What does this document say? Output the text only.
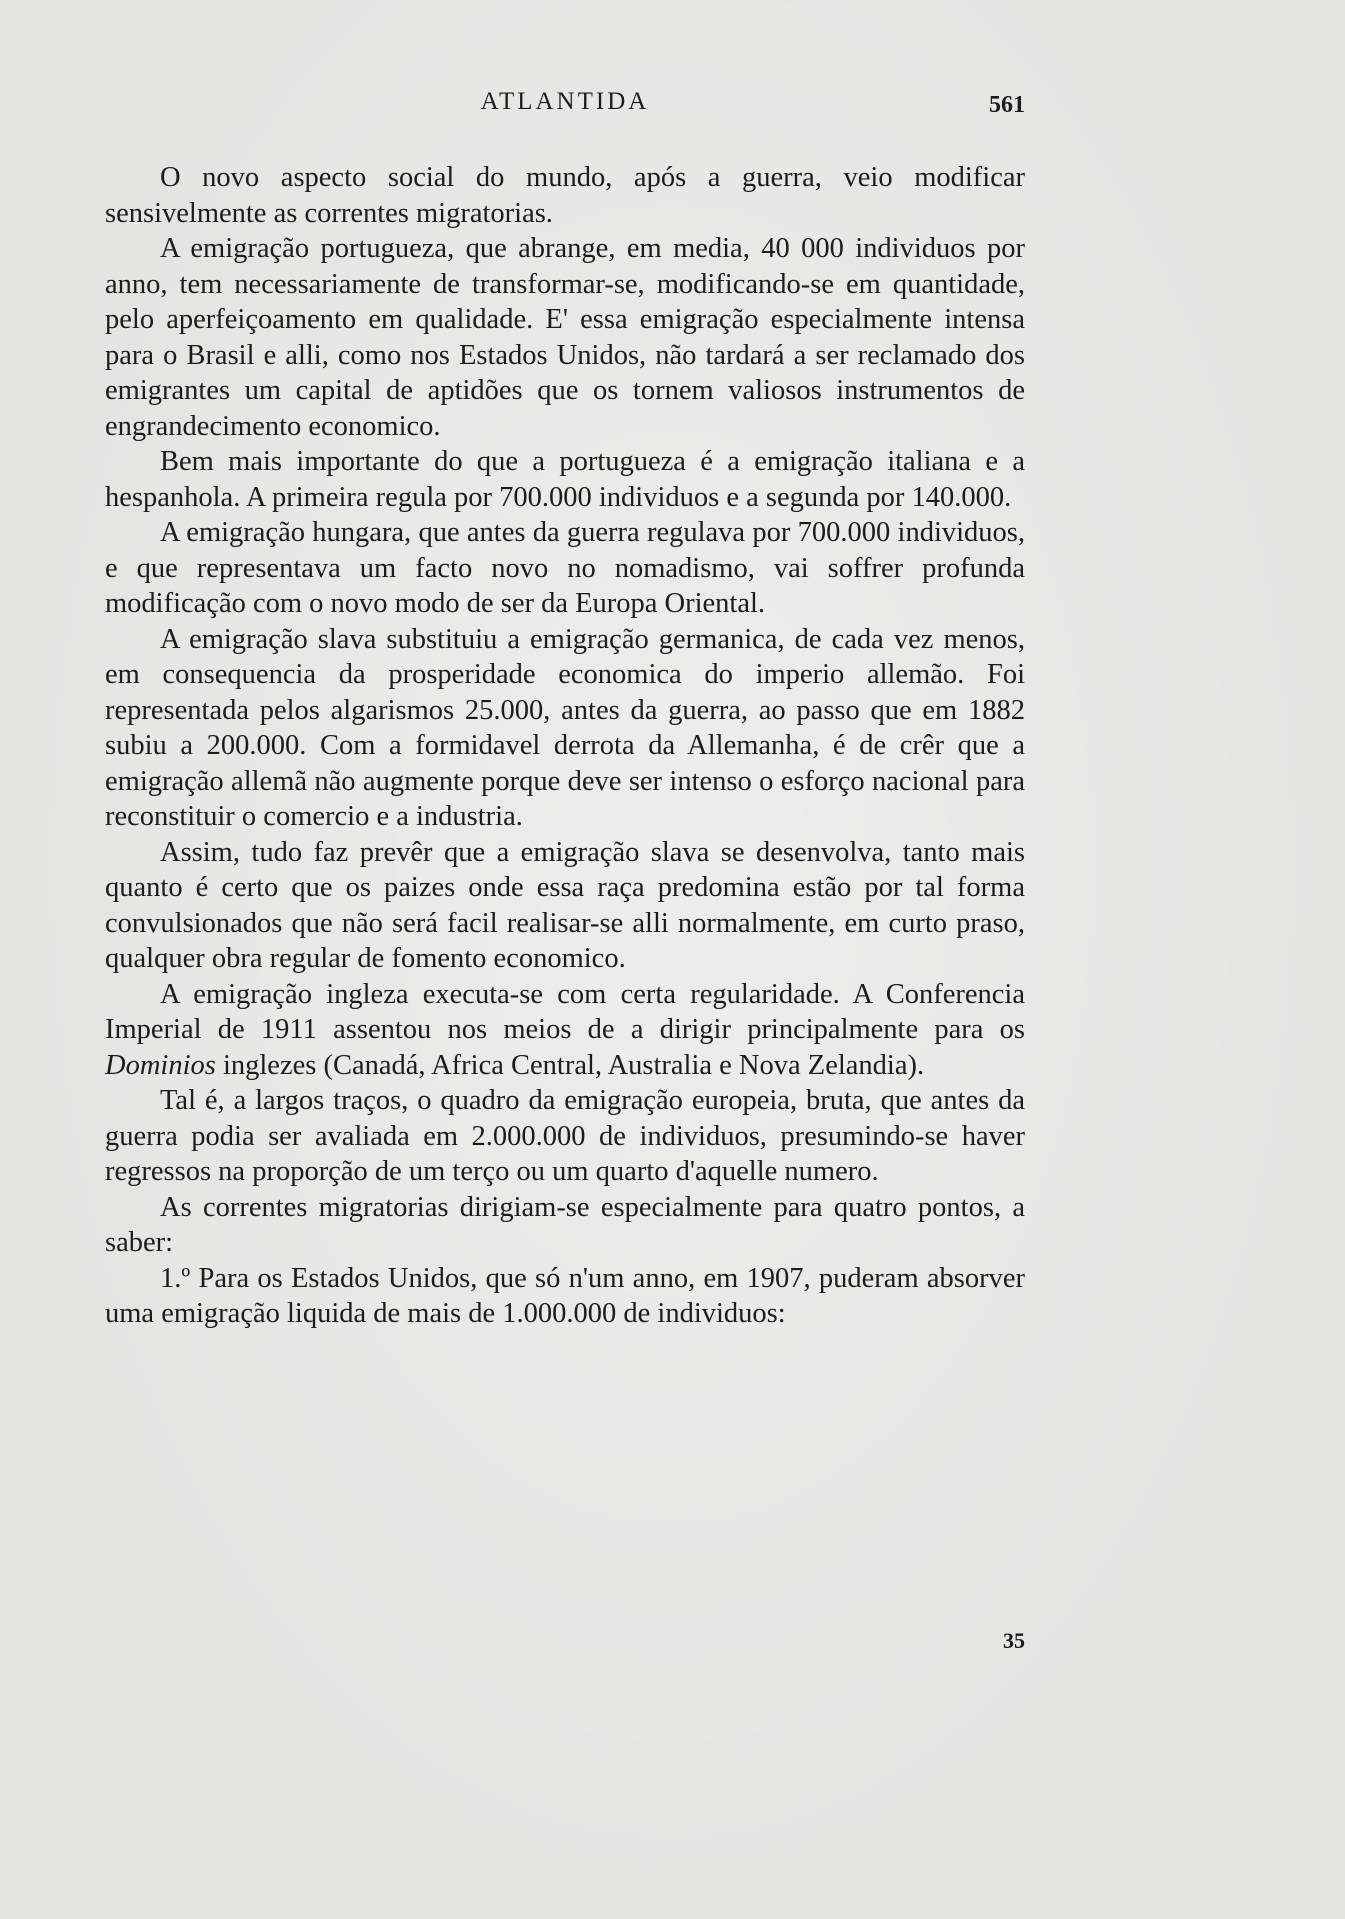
ATLANTIDA	561

O novo aspecto social do mundo, após a guerra, veio modificar sensivelmente as correntes migratorias.

A emigração portugueza, que abrange, em media, 40 000 individuos por anno, tem necessariamente de transformar-se, modificando-se em quantidade, pelo aperfeiçoamento em qualidade. E' essa emigração especialmente intensa para o Brasil e alli, como nos Estados Unidos, não tardará a ser reclamado dos emigrantes um capital de aptidões que os tornem valiosos instrumentos de engrandecimento economico.

Bem mais importante do que a portugueza é a emigração italiana e a hespanhola. A primeira regula por 700.000 individuos e a segunda por 140.000.

A emigração hungara, que antes da guerra regulava por 700.000 individuos, e que representava um facto novo no nomadismo, vai soffrer profunda modificação com o novo modo de ser da Europa Oriental.

A emigração slava substituiu a emigração germanica, de cada vez menos, em consequencia da prosperidade economica do imperio allemão. Foi representada pelos algarismos 25.000, antes da guerra, ao passo que em 1882 subiu a 200.000. Com a formidavel derrota da Allemanha, é de crêr que a emigração allemã não augmente porque deve ser intenso o esforço nacional para reconstituir o comercio e a industria.

Assim, tudo faz prevêr que a emigração slava se desenvolva, tanto mais quanto é certo que os paizes onde essa raça predomina estão por tal forma convulsionados que não será facil realisar-se alli normalmente, em curto praso, qualquer obra regular de fomento economico.

A emigração ingleza executa-se com certa regularidade. A Conferencia Imperial de 1911 assentou nos meios de a dirigir principalmente para os Dominios inglezes (Canadá, Africa Central, Australia e Nova Zelandia).

Tal é, a largos traços, o quadro da emigração europeia, bruta, que antes da guerra podia ser avaliada em 2.000.000 de individuos, presumindo-se haver regressos na proporção de um terço ou um quarto d'aquelle numero.

As correntes migratorias dirigiam-se especialmente para quatro pontos, a saber:

1.º Para os Estados Unidos, que só n'um anno, em 1907, puderam absorver uma emigração liquida de mais de 1.000.000 de individuos:

35
